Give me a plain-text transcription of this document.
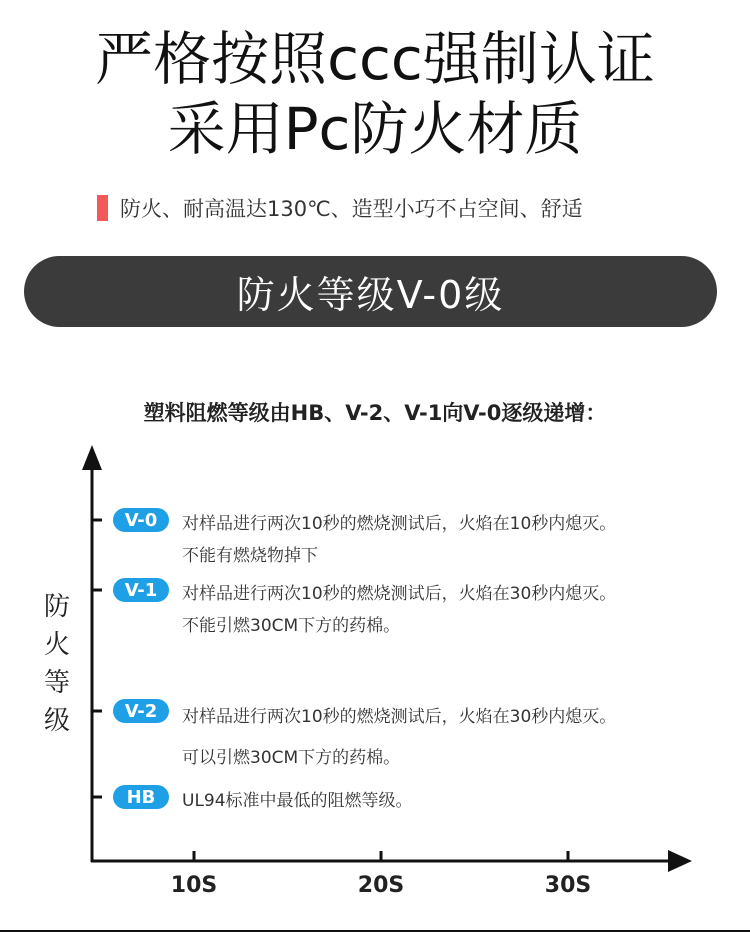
严格按照ccc强制认证
采用Pc防火材质
防火、耐高温达130℃、造型小巧不占空间、舒适
防火等级V-0级
塑料阻燃等级由HB、V-2、V-1向V-0逐级递增：
防火等级
V-0	对样品进行两次10秒的燃烧测试后，火焰在10秒内熄灭。
不能有燃烧物掉下
V-1	对样品进行两次10秒的燃烧测试后，火焰在30秒内熄灭。
不能引燃30CM下方的药棉。
V-2	对样品进行两次10秒的燃烧测试后，火焰在30秒内熄灭。
可以引燃30CM下方的药棉。
HB	UL94标准中最低的阻燃等级。
10S	20S	30S
